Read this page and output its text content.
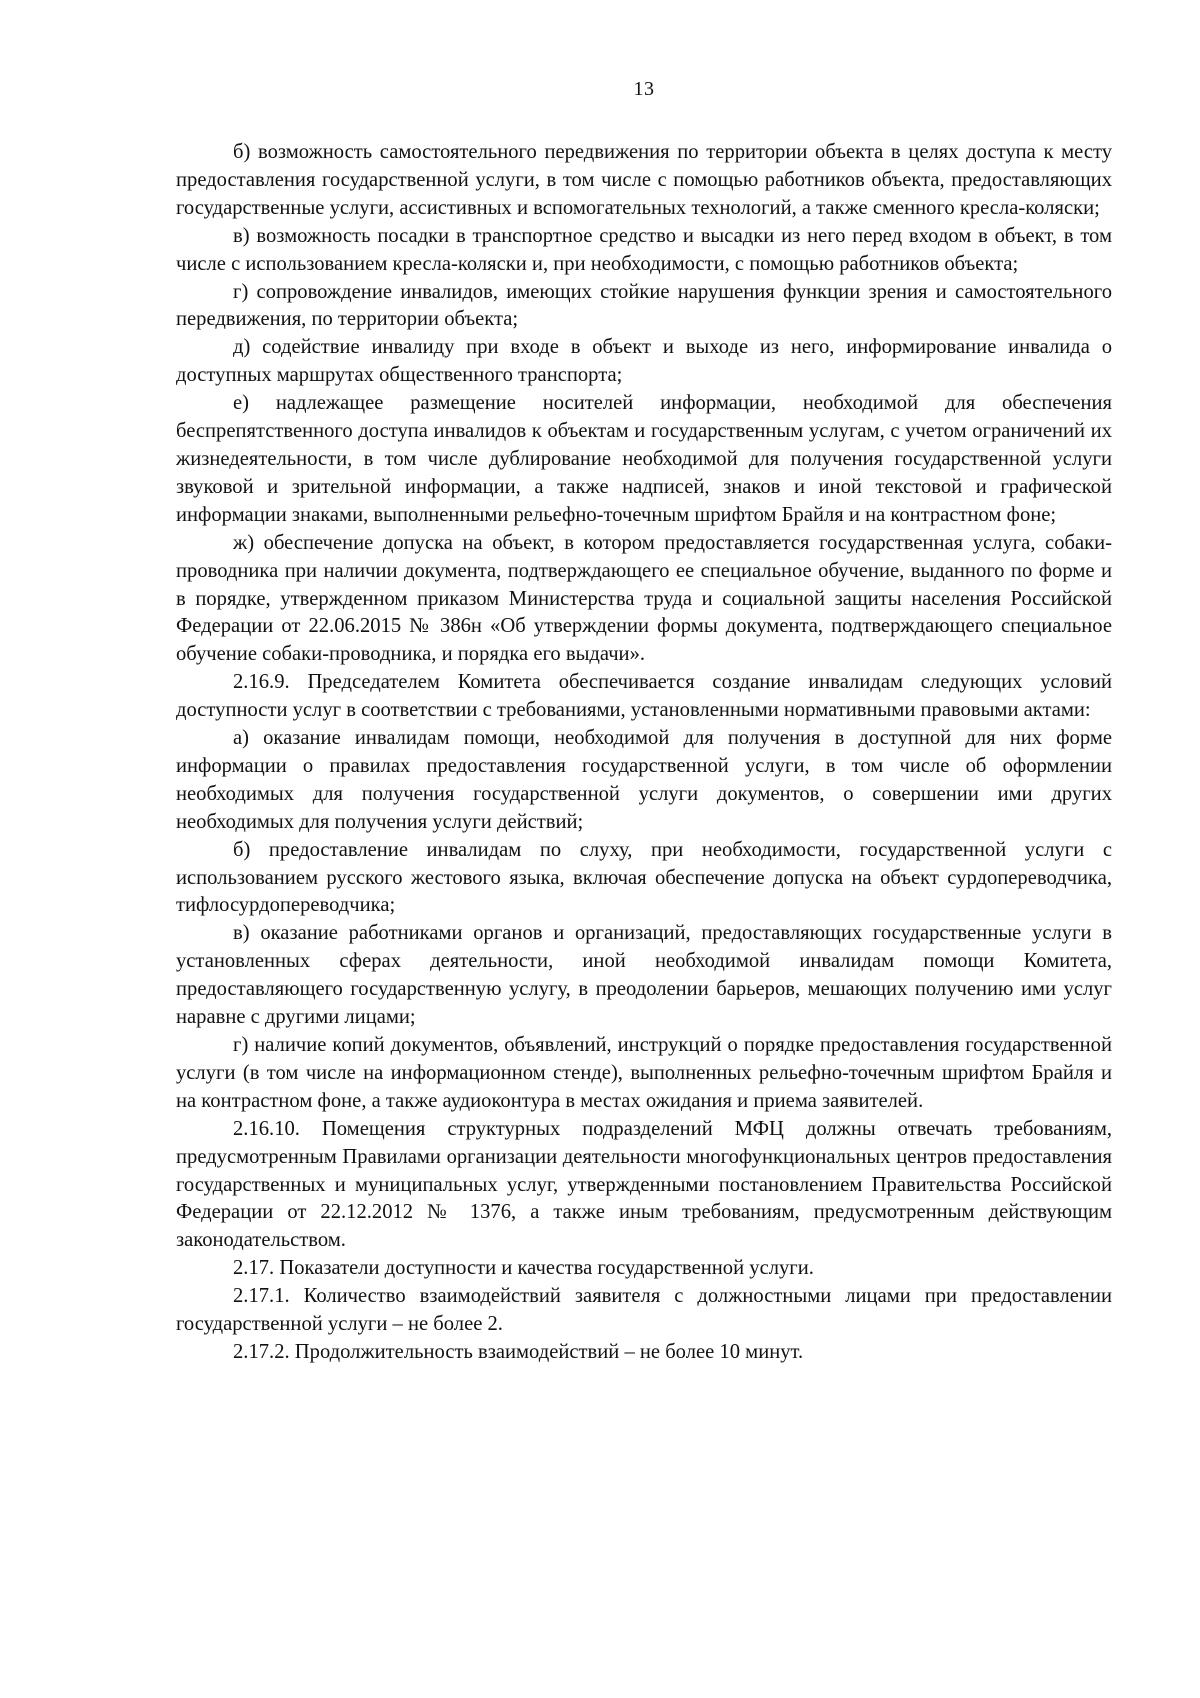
13

б) возможность самостоятельного передвижения по территории объекта в целях доступа к месту предоставления государственной услуги, в том числе с помощью работников объекта, предоставляющих государственные услуги, ассистивных и вспомогательных технологий, а также сменного кресла-коляски;

в) возможность посадки в транспортное средство и высадки из него перед входом в объект, в том числе с использованием кресла-коляски и, при необходимости, с помощью работников объекта;

г) сопровождение инвалидов, имеющих стойкие нарушения функции зрения и самостоятельного передвижения, по территории объекта;

д) содействие инвалиду при входе в объект и выходе из него, информирование инвалида о доступных маршрутах общественного транспорта;

е) надлежащее размещение носителей информации, необходимой для обеспечения беспрепятственного доступа инвалидов к объектам и государственным услугам, с учетом ограничений их жизнедеятельности, в том числе дублирование необходимой для получения государственной услуги звуковой и зрительной информации, а также надписей, знаков и иной текстовой и графической информации знаками, выполненными рельефно-точечным шрифтом Брайля и на контрастном фоне;

ж) обеспечение допуска на объект, в котором предоставляется государственная услуга, собаки-проводника при наличии документа, подтверждающего ее специальное обучение, выданного по форме и в порядке, утвержденном приказом Министерства труда и социальной защиты населения Российской Федерации от 22.06.2015 № 386н «Об утверждении формы документа, подтверждающего специальное обучение собаки-проводника, и порядка его выдачи».

2.16.9. Председателем Комитета обеспечивается создание инвалидам следующих условий доступности услуг в соответствии с требованиями, установленными нормативными правовыми актами:

а) оказание инвалидам помощи, необходимой для получения в доступной для них форме информации о правилах предоставления государственной услуги, в том числе об оформлении необходимых для получения государственной услуги документов, о совершении ими других необходимых для получения услуги действий;

б) предоставление инвалидам по слуху, при необходимости, государственной услуги с использованием русского жестового языка, включая обеспечение допуска на объект сурдопереводчика, тифлосурдопереводчика;

в) оказание работниками органов и организаций, предоставляющих государственные услуги в установленных сферах деятельности, иной необходимой инвалидам помощи Комитета, предоставляющего государственную услугу, в преодолении барьеров, мешающих получению ими услуг наравне с другими лицами;

г) наличие копий документов, объявлений, инструкций о порядке предоставления государственной услуги (в том числе на информационном стенде), выполненных рельефно-точечным шрифтом Брайля и на контрастном фоне, а также аудиоконтура в местах ожидания и приема заявителей.

2.16.10. Помещения структурных подразделений МФЦ должны отвечать требованиям, предусмотренным Правилами организации деятельности многофункциональных центров предоставления государственных и муниципальных услуг, утвержденными постановлением Правительства Российской Федерации от 22.12.2012 № 1376, а также иным требованиям, предусмотренным действующим законодательством.

2.17. Показатели доступности и качества государственной услуги.

2.17.1. Количество взаимодействий заявителя с должностными лицами при предоставлении государственной услуги – не более 2.

2.17.2. Продолжительность взаимодействий – не более 10 минут.
